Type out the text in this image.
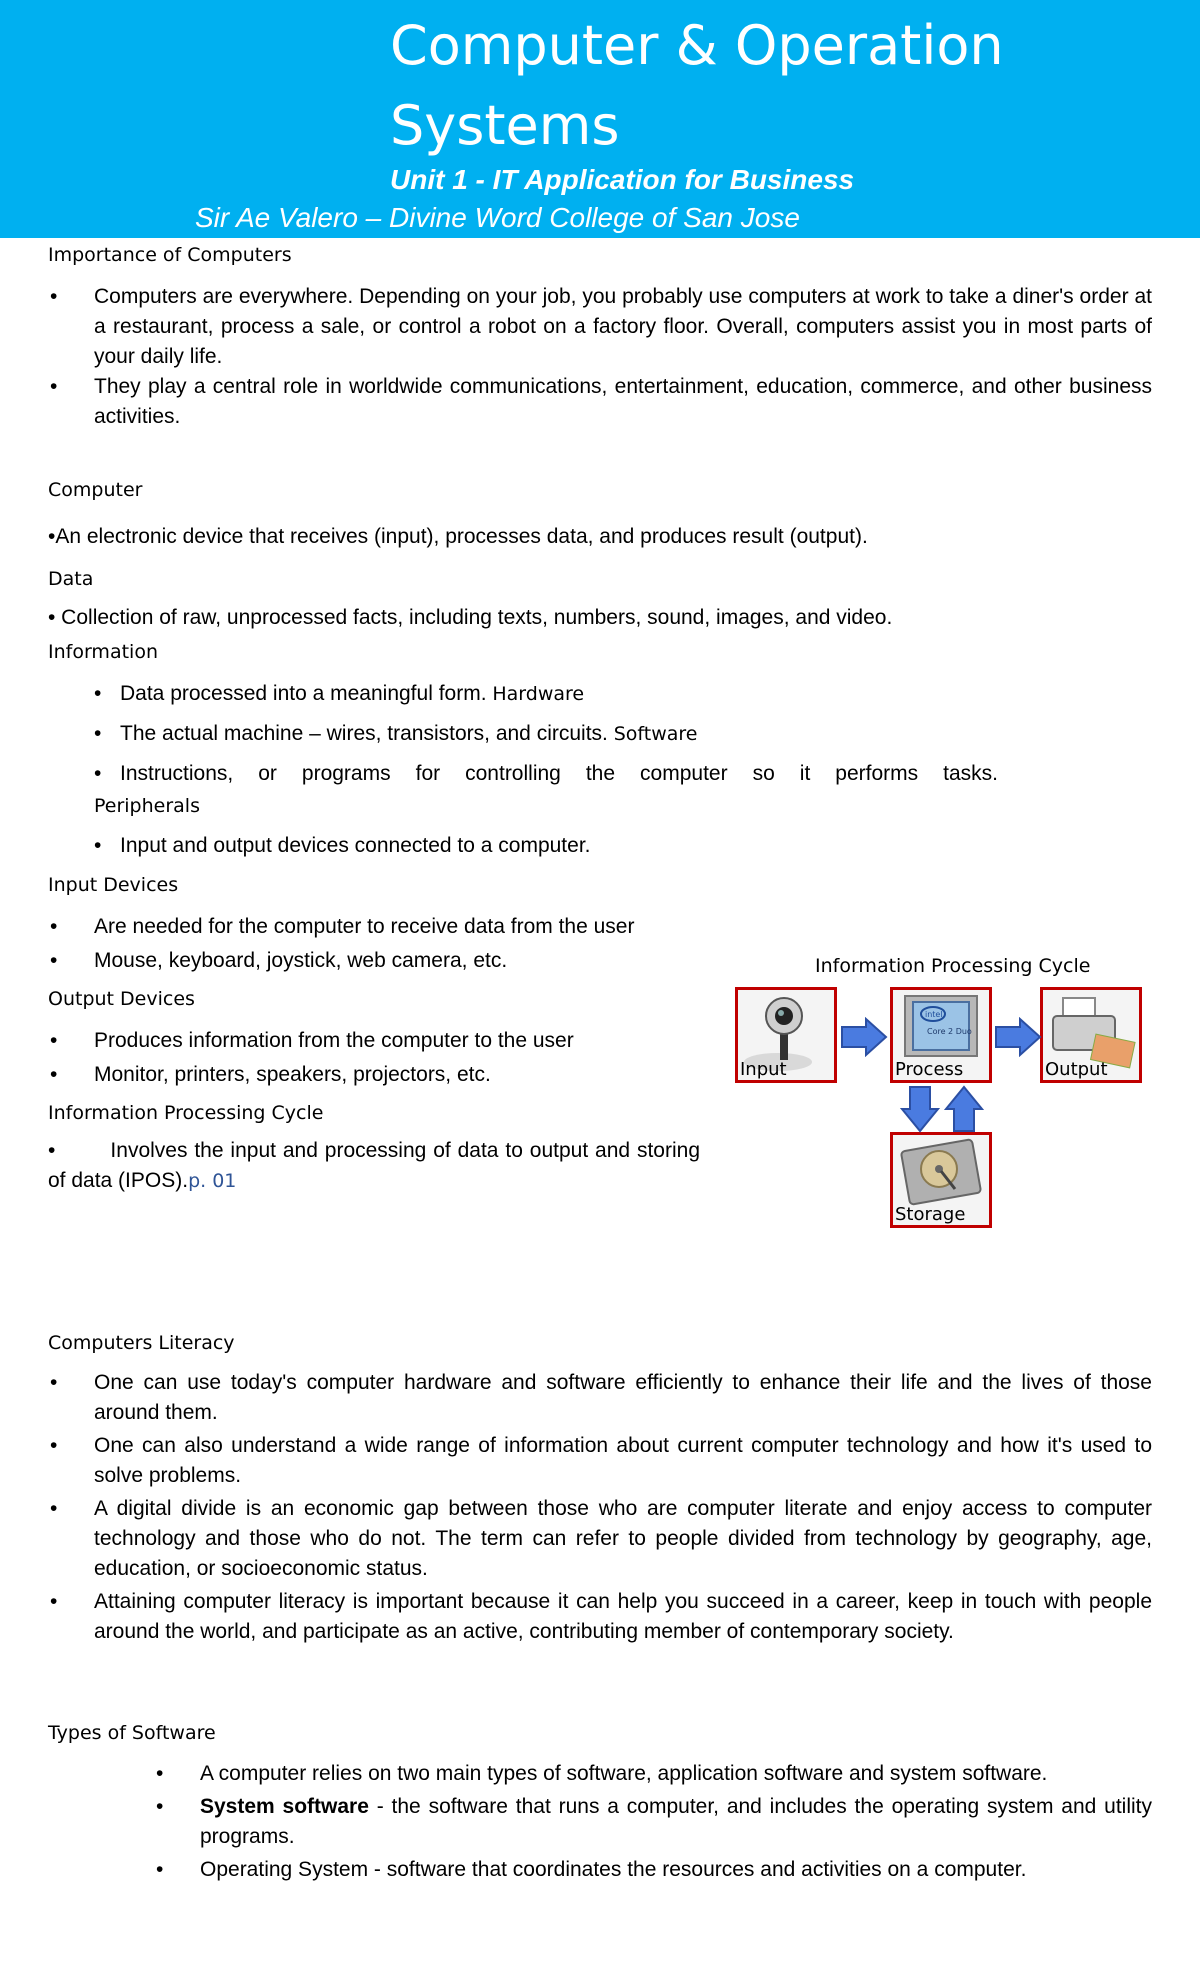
Computer & Operation Systems
Unit 1 - IT Application for Business
Sir Ae Valero – Divine Word College of San Jose
Importance of Computers
• Computers are everywhere. Depending on your job, you probably use computers at work to take a diner's order at a restaurant, process a sale, or control a robot on a factory floor. Overall, computers assist you in most parts of your daily life.
• They play a central role in worldwide communications, entertainment, education, commerce, and other business activities.
Computer
•An electronic device that receives (input), processes data, and produces result (output).
Data
• Collection of raw, unprocessed facts, including texts, numbers, sound, images, and video.
Information
• Data processed into a meaningful form. Hardware
• The actual machine – wires, transistors, and circuits. Software
• Instructions, or programs for controlling the computer so it performs tasks.
Peripherals
• Input and output devices connected to a computer.
Input Devices
• Are needed for the computer to receive data from the user
• Mouse, keyboard, joystick, web camera, etc.
Output Devices
• Produces information from the computer to the user
• Monitor, printers, speakers, projectors, etc.
Information Processing Cycle
•        Involves the input and processing of data to output and storing of data (IPOS).p. 01
Information Processing Cycle
Input
intel
Core 2 Duo
Process	Output
Storage
Computers Literacy
• One can use today's computer hardware and software efficiently to enhance their life and the lives of those around them.
• One can also understand a wide range of information about current computer technology and how it's used to solve problems.
• A digital divide is an economic gap between those who are computer literate and enjoy access to computer technology and those who do not. The term can refer to people divided from technology by geography, age, education, or socioeconomic status.
• Attaining computer literacy is important because it can help you succeed in a career, keep in touch with people around the world, and participate as an active, contributing member of contemporary society.
Types of Software
• A computer relies on two main types of software, application software and system software.
• System software - the software that runs a computer, and includes the operating system and utility programs.
• Operating System - software that coordinates the resources and activities on a computer.
